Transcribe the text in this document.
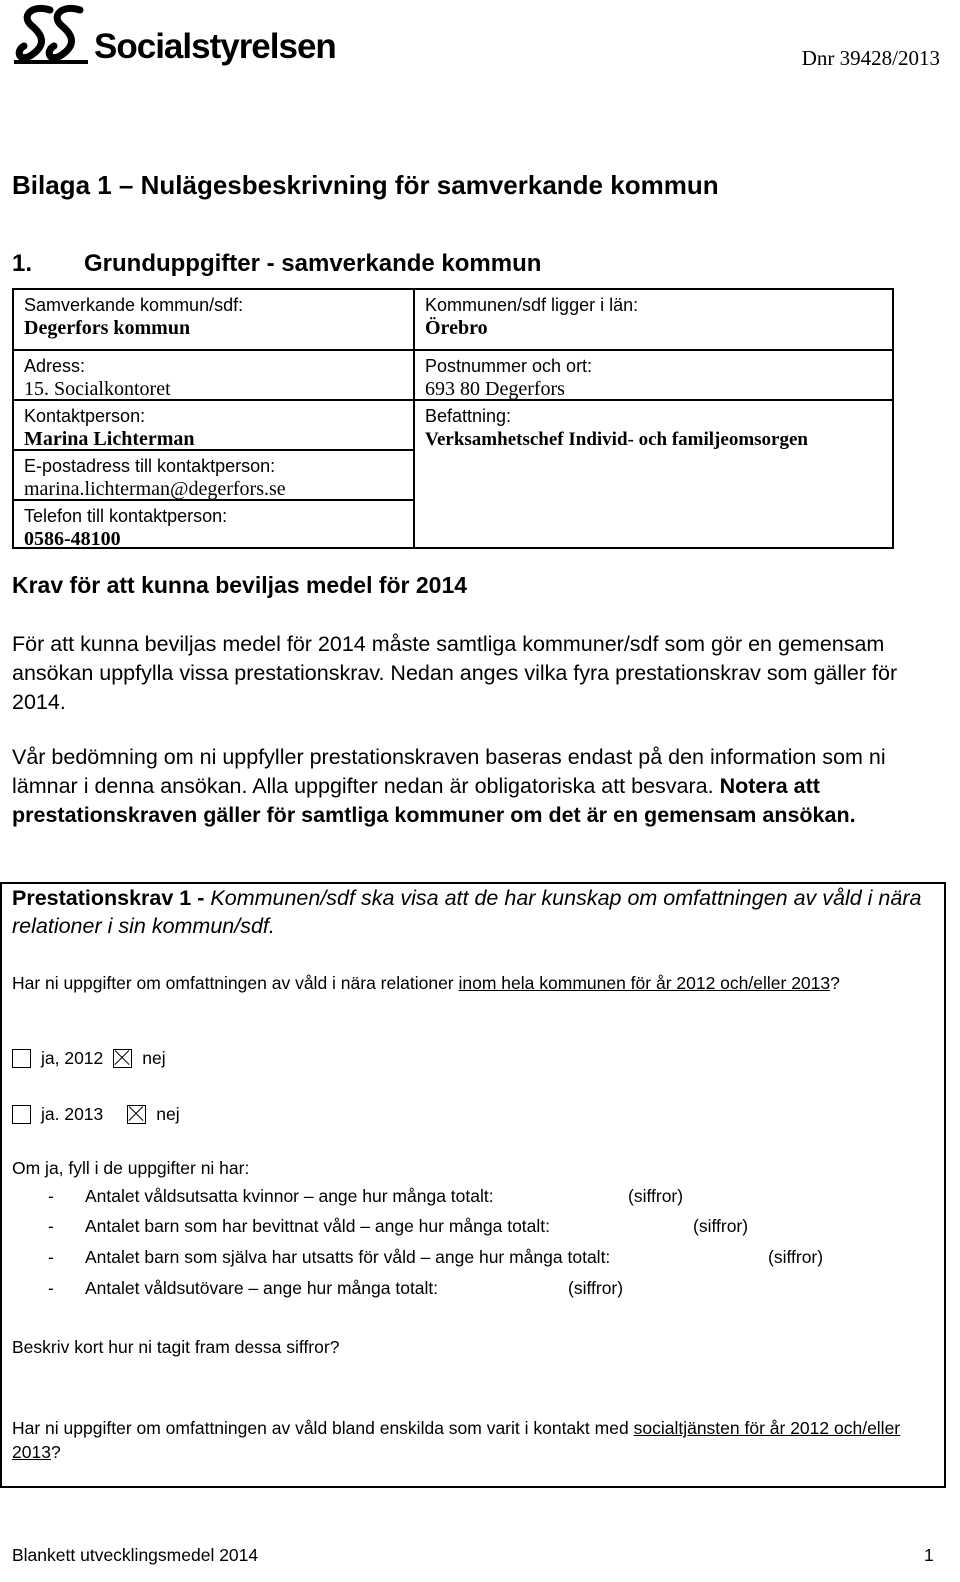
Socialstyrelsen	Dnr 39428/2013
Bilaga 1 – Nulägesbeskrivning för samverkande kommun
1. Grunduppgifter - samverkande kommun
Samverkande kommun/sdf:
Degerfors kommun
Adress:
15. Socialkontoret
Kontaktperson:
Marina Lichterman
E-postadress till kontaktperson:
marina.lichterman@degerfors.se
Telefon till kontaktperson:
0586-48100
Kommunen/sdf ligger i län:
Örebro
Postnummer och ort:
693 80 Degerfors
Befattning:
Verksamhetschef Individ- och familjeomsorgen
Krav för att kunna beviljas medel för 2014
För att kunna beviljas medel för 2014 måste samtliga kommuner/sdf som gör en gemensam ansökan uppfylla vissa prestationskrav. Nedan anges vilka fyra prestationskrav som gäller för 2014.
Vår bedömning om ni uppfyller prestationskraven baseras endast på den information som ni lämnar i denna ansökan. Alla uppgifter nedan är obligatoriska att besvara. Notera att prestationskraven gäller för samtliga kommuner om det är en gemensam ansökan.
Prestationskrav 1 - Kommunen/sdf ska visa att de har kunskap om omfattningen av våld i nära relationer i sin kommun/sdf.
Har ni uppgifter om omfattningen av våld i nära relationer inom hela kommunen för år 2012 och/eller 2013?
ja, 2012 nej
ja. 2013	nej
Om ja, fyll i de uppgifter ni har:
- Antalet våldsutsatta kvinnor – ange hur många totalt:	(siffror)
- Antalet barn som har bevittnat våld – ange hur många totalt:	(siffror)
- Antalet barn som själva har utsatts för våld – ange hur många totalt:	(siffror)
- Antalet våldsutövare – ange hur många totalt:	(siffror)
Beskriv kort hur ni tagit fram dessa siffror?
Har ni uppgifter om omfattningen av våld bland enskilda som varit i kontakt med socialtjänsten för år 2012 och/eller 2013?
Blankett utvecklingsmedel 2014	1
